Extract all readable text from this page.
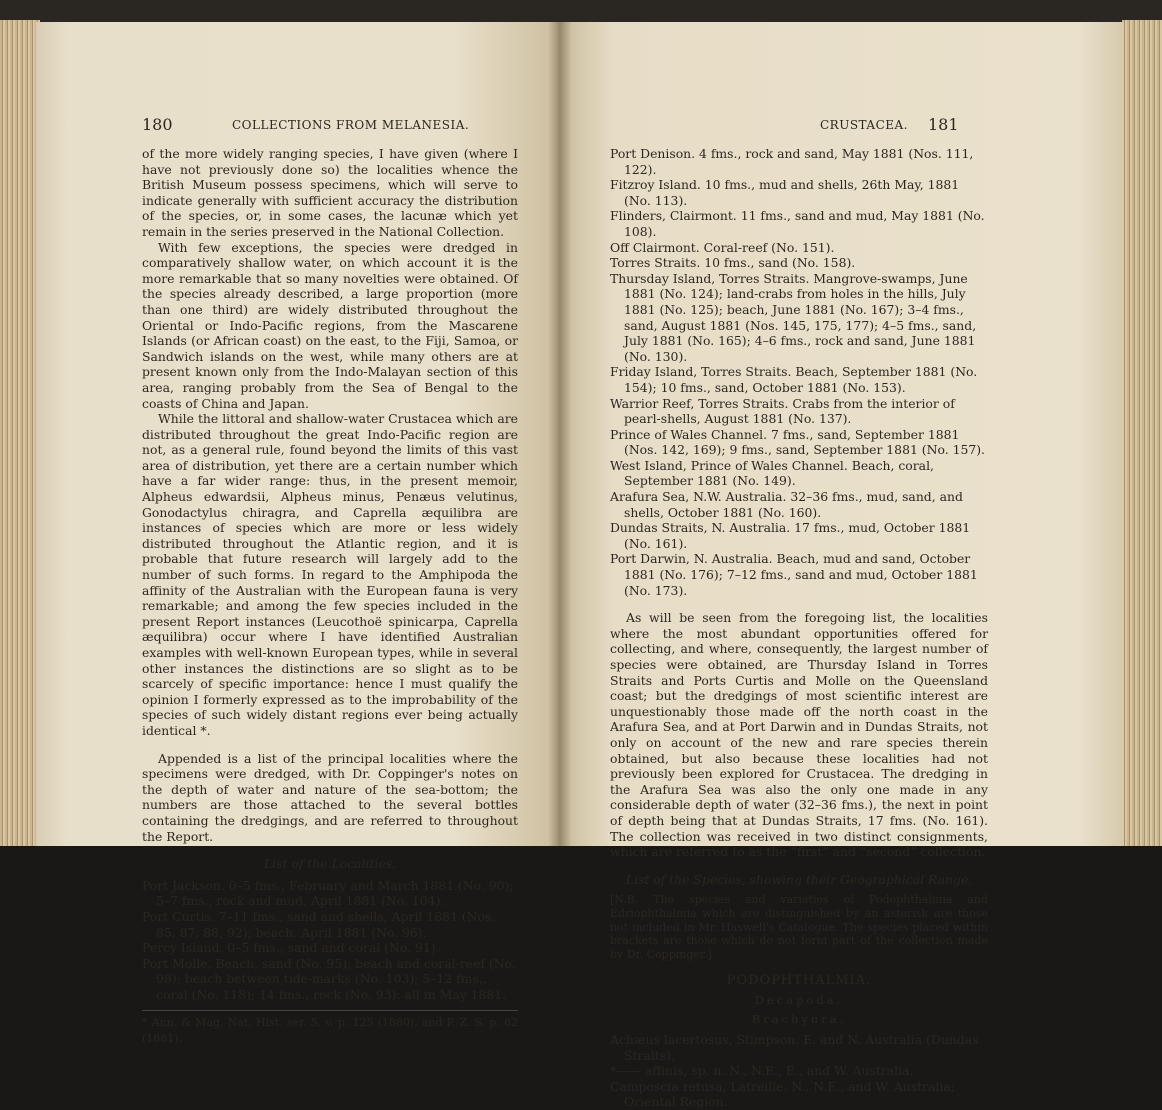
180	COLLECTIONS FROM MELANESIA.

of the more widely ranging species, I have given (where I have not previously done so) the localities whence the British Museum possess specimens, which will serve to indicate generally with sufficient accuracy the distribution of the species, or, in some cases, the lacunæ which yet remain in the series preserved in the National Collection.

With few exceptions, the species were dredged in comparatively shallow water, on which account it is the more remarkable that so many novelties were obtained. Of the species already described, a large proportion (more than one third) are widely distributed throughout the Oriental or Indo-Pacific regions, from the Mascarene Islands (or African coast) on the east, to the Fiji, Samoa, or Sandwich islands on the west, while many others are at present known only from the Indo-Malayan section of this area, ranging probably from the Sea of Bengal to the coasts of China and Japan.

While the littoral and shallow-water Crustacea which are distributed throughout the great Indo-Pacific region are not, as a general rule, found beyond the limits of this vast area of distribution, yet there are a certain number which have a far wider range: thus, in the present memoir, Alpheus edwardsii, Alpheus minus, Penæus velutinus, Gonodactylus chiragra, and Caprella æquilibra are instances of species which are more or less widely distributed throughout the Atlantic region, and it is probable that future research will largely add to the number of such forms. In regard to the Amphipoda the affinity of the Australian with the European fauna is very remarkable; and among the few species included in the present Report instances (Leucothoë spinicarpa, Caprella æquilibra) occur where I have identified Australian examples with well-known European types, while in several other instances the distinctions are so slight as to be scarcely of specific importance: hence I must qualify the opinion I formerly expressed as to the improbability of the species of such widely distant regions ever being actually identical *.

Appended is a list of the principal localities where the specimens were dredged, with Dr. Coppinger's notes on the depth of water and nature of the sea-bottom; the numbers are those attached to the several bottles containing the dredgings, and are referred to throughout the Report.

List of the Localities.

Port Jackson. 0–5 fms., February and March 1881 (No. 90); 5–7 fms., rock and mud, April 1881 (No. 104).

Port Curtis. 7–11 fms., sand and shells, April 1881 (Nos. 85, 87, 88, 92); beach, April 1881 (No. 96).

Percy Island. 0–5 fms., sand and coral (No. 91).

Port Molle. Beach, sand (No. 95); beach and coral-reef (No. 98); beach between tide-marks (No. 103); 5–12 fms., coral (No. 118); 14 fms., rock (No. 93): all in May 1881.

* Ann. & Mag. Nat. Hist. ser. 5, v. p. 125 (1880), and P. Z. S. p. 62 (1881).

CRUSTACEA. 181

Port Denison. 4 fms., rock and sand, May 1881 (Nos. 111, 122).

Fitzroy Island. 10 fms., mud and shells, 26th May, 1881 (No. 113).

Flinders, Clairmont. 11 fms., sand and mud, May 1881 (No. 108).

Off Clairmont. Coral-reef (No. 151).

Torres Straits. 10 fms., sand (No. 158).

Thursday Island, Torres Straits. Mangrove-swamps, June 1881 (No. 124); land-crabs from holes in the hills, July 1881 (No. 125); beach, June 1881 (No. 167); 3–4 fms., sand, August 1881 (Nos. 145, 175, 177); 4–5 fms., sand, July 1881 (No. 165); 4–6 fms., rock and sand, June 1881 (No. 130).

Friday Island, Torres Straits. Beach, September 1881 (No. 154); 10 fms., sand, October 1881 (No. 153).

Warrior Reef, Torres Straits. Crabs from the interior of pearl-shells, August 1881 (No. 137).

Prince of Wales Channel. 7 fms., sand, September 1881 (Nos. 142, 169); 9 fms., sand, September 1881 (No. 157).

West Island, Prince of Wales Channel. Beach, coral, September 1881 (No. 149).

Arafura Sea, N.W. Australia. 32–36 fms., mud, sand, and shells, October 1881 (No. 160).

Dundas Straits, N. Australia. 17 fms., mud, October 1881 (No. 161).

Port Darwin, N. Australia. Beach, mud and sand, October 1881 (No. 176); 7–12 fms., sand and mud, October 1881 (No. 173).

As will be seen from the foregoing list, the localities where the most abundant opportunities offered for collecting, and where, consequently, the largest number of species were obtained, are Thursday Island in Torres Straits and Ports Curtis and Molle on the Queensland coast; but the dredgings of most scientific interest are unquestionably those made off the north coast in the Arafura Sea, and at Port Darwin and in Dundas Straits, not only on account of the new and rare species therein obtained, but also because these localities had not previously been explored for Crustacea. The dredging in the Arafura Sea was also the only one made in any considerable depth of water (32–36 fms.), the next in point of depth being that at Dundas Straits, 17 fms. (No. 161). The collection was received in two distinct consignments, which are referred to as the “first” and “second” collection.

List of the Species, showing their Geographical Range.

[N.B. The species and varieties of Podophthalmia and Edriophthalmia which are distinguished by an asterisk are those not included in Mr. Haswell's Catalogue. The species placed within brackets are those which do not form part of the collection made by Dr. Coppinger.]

PODOPHTHALMIA.

Decapoda.

Brachyura.

Achæus lacertosus, Stimpson. E. and N. Australia (Dundas Straits).

*—— affinis, sp. n. N., N.E., E., and W. Australia.

Camposcia retusa, Latreille. N., N.E., and W. Australia; Oriental Region.
